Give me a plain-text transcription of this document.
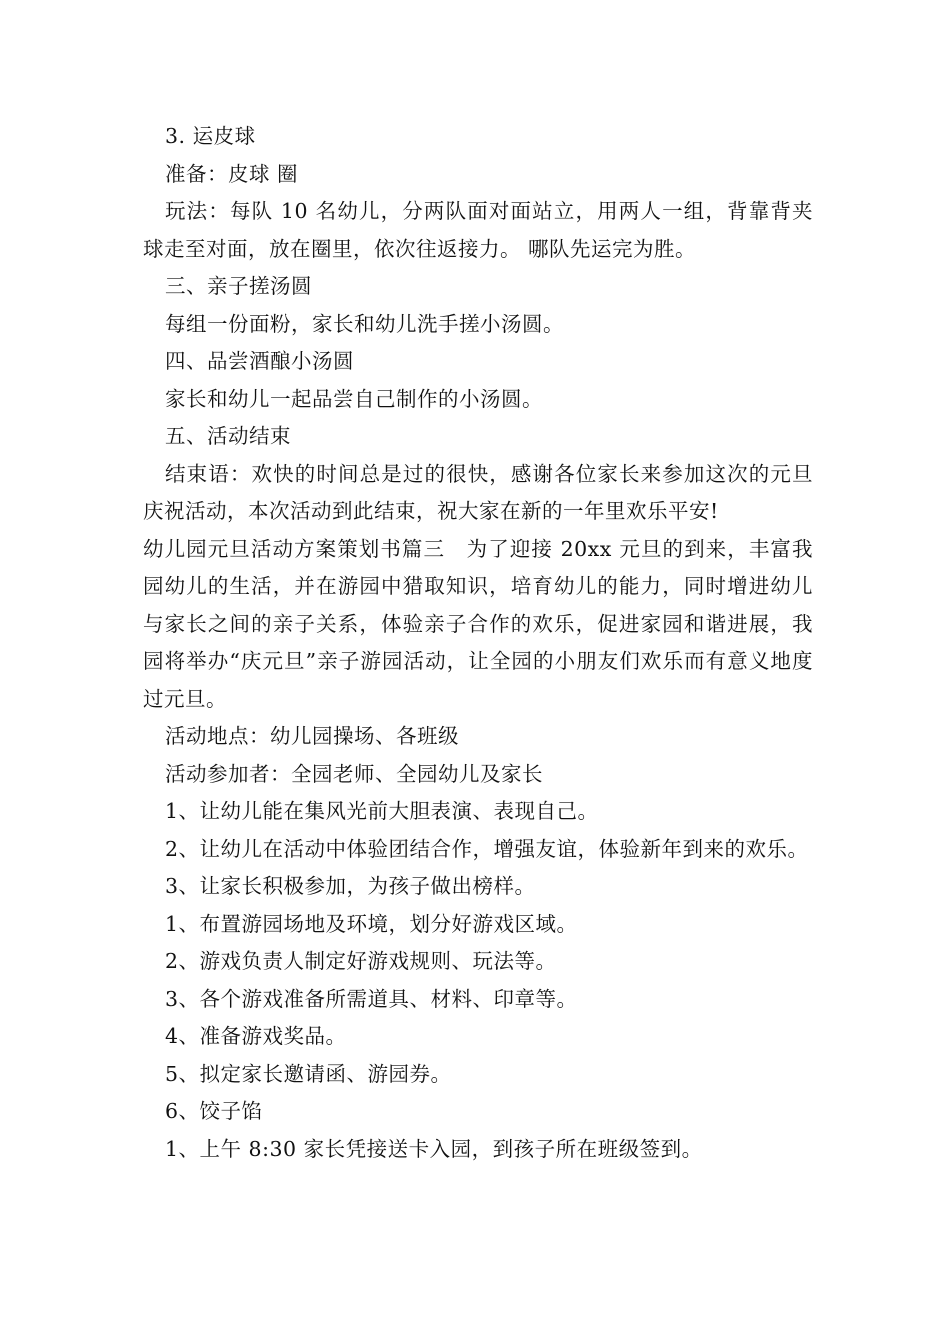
3. 运皮球

准备：皮球 圈

玩法：每队 10 名幼儿，分两队面对面站立，用两人一组，背靠背夹球走至对面，放在圈里，依次往返接力。 哪队先运完为胜。

三、亲子搓汤圆

每组一份面粉，家长和幼儿洗手搓小汤圆。

四、品尝酒酿小汤圆

家长和幼儿一起品尝自己制作的小汤圆。

五、活动结束

结束语：欢快的时间总是过的很快，感谢各位家长来参加这次的元旦庆祝活动，本次活动到此结束，祝大家在新的一年里欢乐平安!

幼儿园元旦活动方案策划书篇三　为了迎接 20xx 元旦的到来，丰富我园幼儿的生活，并在游园中猎取知识，培育幼儿的能力，同时增进幼儿与家长之间的亲子关系，体验亲子合作的欢乐，促进家园和谐进展，我园将举办“庆元旦”亲子游园活动，让全园的小朋友们欢乐而有意义地度过元旦。

活动地点：幼儿园操场、各班级

活动参加者：全园老师、全园幼儿及家长

1、让幼儿能在集风光前大胆表演、表现自己。

2、让幼儿在活动中体验团结合作，增强友谊，体验新年到来的欢乐。

3、让家长积极参加，为孩子做出榜样。

1、布置游园场地及环境，划分好游戏区域。

2、游戏负责人制定好游戏规则、玩法等。

3、各个游戏准备所需道具、材料、印章等。

4、准备游戏奖品。

5、拟定家长邀请函、游园券。

6、饺子馅

1、上午 8:30 家长凭接送卡入园，到孩子所在班级签到。
